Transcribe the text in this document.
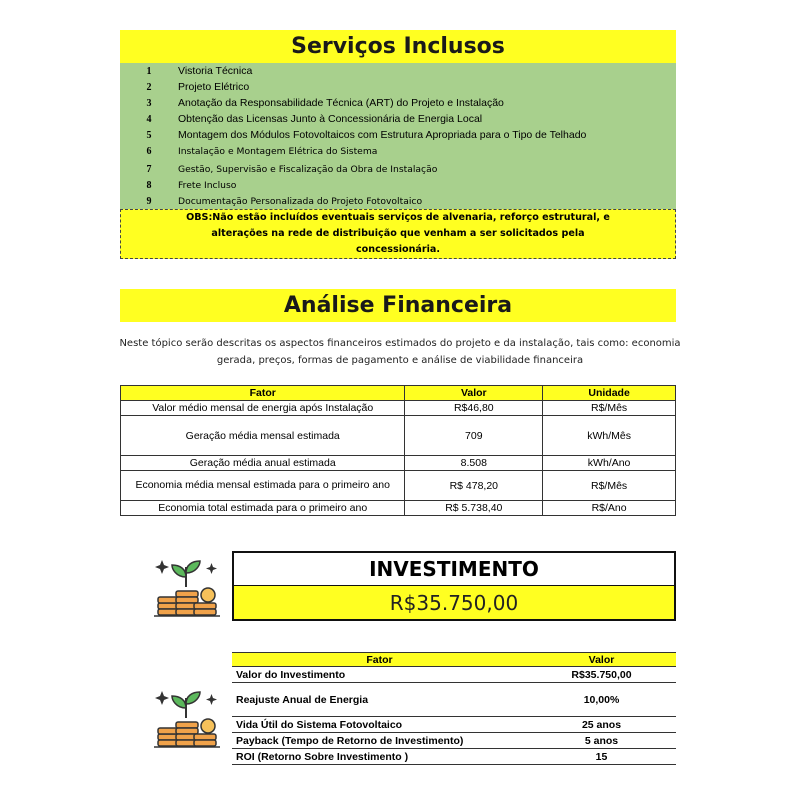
Serviços Inclusos
1	Vistoria Técnica
2	Projeto Elétrico
3	Anotação da Responsabilidade Técnica (ART) do Projeto e Instalação
4	Obtenção das Licensas Junto à Concessionária de Energia Local
5	Montagem dos Módulos Fotovoltaicos com Estrutura Apropriada para o Tipo de Telhado
6	Instalação e Montagem Elétrica do Sistema
7	Gestão, Supervisão e Fiscalização da Obra de Instalação
8	Frete Incluso
9	Documentação Personalizada do Projeto Fotovoltaico
OBS:Não estão incluídos eventuais serviços de alvenaria, reforço estrutural, e alterações na rede de distribuição que venham a ser solicitados pela concessionária.
Análise Financeira
Neste tópico serão descritas os aspectos financeiros estimados do projeto e da instalação, tais como: economia gerada, preços, formas de pagamento e análise de viabilidade financeira
Fator	Valor	Unidade
Valor médio mensal de energia após Instalação	R$46,80	R$/Mês
Geração média mensal estimada	709	kWh/Mês
Geração média anual estimada	8.508	kWh/Ano
Economia média mensal estimada para o primeiro ano	R$ 478,20	R$/Mês
Economia total estimada para o primeiro ano	R$ 5.738,40	R$/Ano
INVESTIMENTO
R$35.750,00
Fator	Valor
Valor do Investimento	R$35.750,00
Reajuste Anual de Energia	10,00%
Vida Útil do Sistema Fotovoltaico	25 anos
Payback (Tempo de Retorno de Investimento)	5 anos
ROI (Retorno Sobre Investimento )	15
